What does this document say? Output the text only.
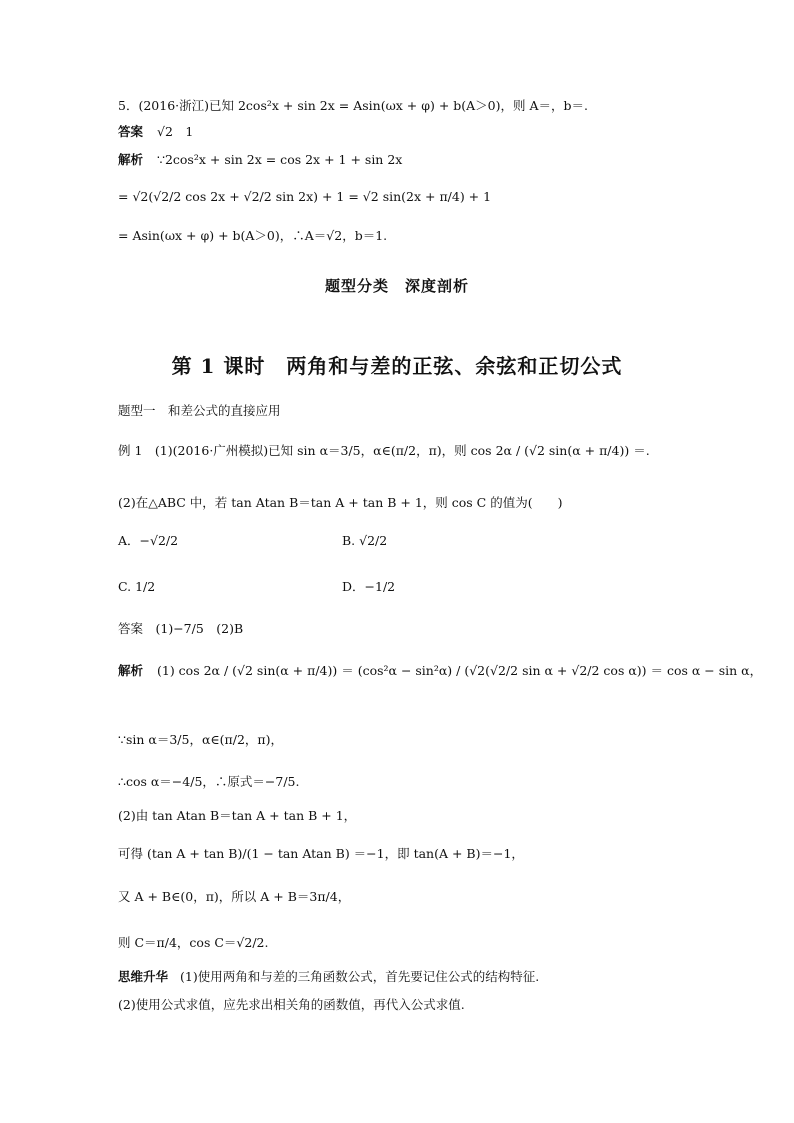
5．(2016·浙江)已知 2cos²x + sin 2x = Asin(ωx + φ) + b(A＞0)，则 A＝，b＝.
答案 √2　1
解析 ∵2cos²x + sin 2x = cos 2x + 1 + sin 2x
= √2(√2/2 cos 2x + √2/2 sin 2x) + 1 = √2 sin(2x + π/4) + 1
= Asin(ωx + φ) + b(A＞0)，∴A＝√2，b＝1.
题型分类　深度剖析
第 1 课时　两角和与差的正弦、余弦和正切公式
题型一　和差公式的直接应用
例 1　(1)(2016·广州模拟)已知 sin α＝3/5，α∈(π/2，π)，则 cos 2α / (√2 sin(α + π/4)) ＝.
(2)在△ABC 中，若 tan Atan B＝tan A + tan B + 1，则 cos C 的值为(　　)
A．−√2/2	B. √2/2
C. 1/2	D．−1/2
答案　(1)−7/5　(2)B
解析 (1) cos 2α / (√2 sin(α + π/4)) ＝ (cos²α − sin²α) / (√2(√2/2 sin α + √2/2 cos α)) ＝ cos α − sin α，
∵sin α＝3/5，α∈(π/2，π)，
∴cos α＝−4/5，∴原式＝−7/5.
(2)由 tan Atan B＝tan A + tan B + 1，
可得 (tan A + tan B)/(1 − tan Atan B) ＝−1，即 tan(A + B)＝−1，
又 A + B∈(0，π)，所以 A + B＝3π/4，
则 C＝π/4，cos C＝√2/2.
思维升华 (1)使用两角和与差的三角函数公式，首先要记住公式的结构特征.
(2)使用公式求值，应先求出相关角的函数值，再代入公式求值.
